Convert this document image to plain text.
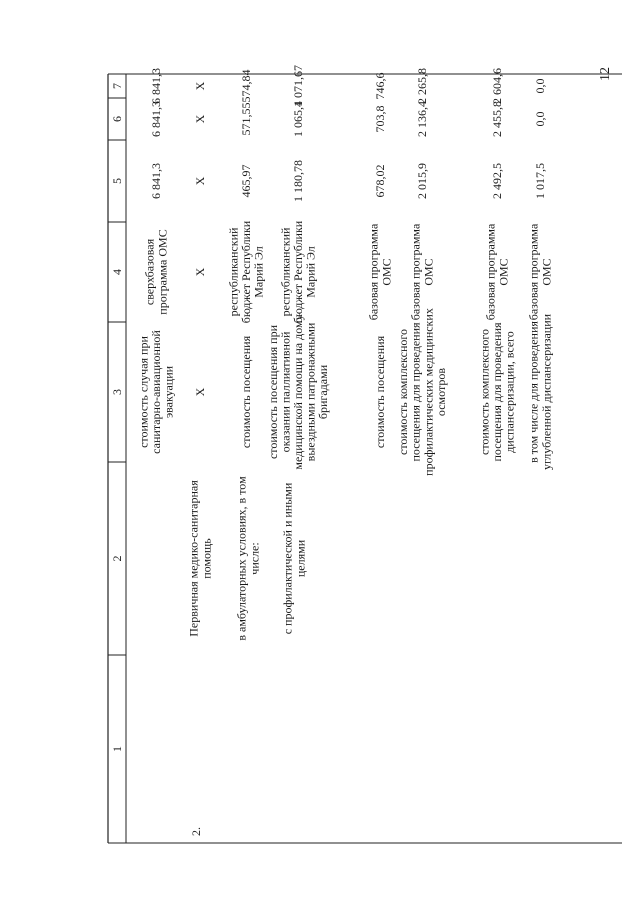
12
1
2
3
4
5
6
7
стоимость случая присанитарно-авиационнойэвакуации
сверхбазоваяпрограмма ОМС
6 841,3
6 841,3
6 841,3
Х
Х
Х
Х
Х
2.
Первичная медико-санитарнаяпомощь в амбулаторных условиях, в томчисле:
стоимость посещения
республиканскийбюджет РеспубликиМарий Эл
465,97
571,55
574,84
с профилактической и инымицелями
стоимость посещения приоказании паллиативноймедицинской помощи на домувыездными патронажнымибригадами
республиканскийбюджет РеспубликиМарий Эл
1 180,78
1 065,4
1 071,67
стоимость посещения
базовая программаОМС
678,02
703,8
746,6
стоимость комплексногопосещения для проведенияпрофилактических медицинскихосмотров
базовая программаОМС
2 015,9
2 136,4
2 265,8
стоимость комплексногопосещения для проведениядиспансеризации, всего
базовая программаОМС
2 492,5
2 455,8
2 604,6
в том числе для проведенияуглубленной диспансеризации
базовая программаОМС
1 017,5
0,0
0,0
